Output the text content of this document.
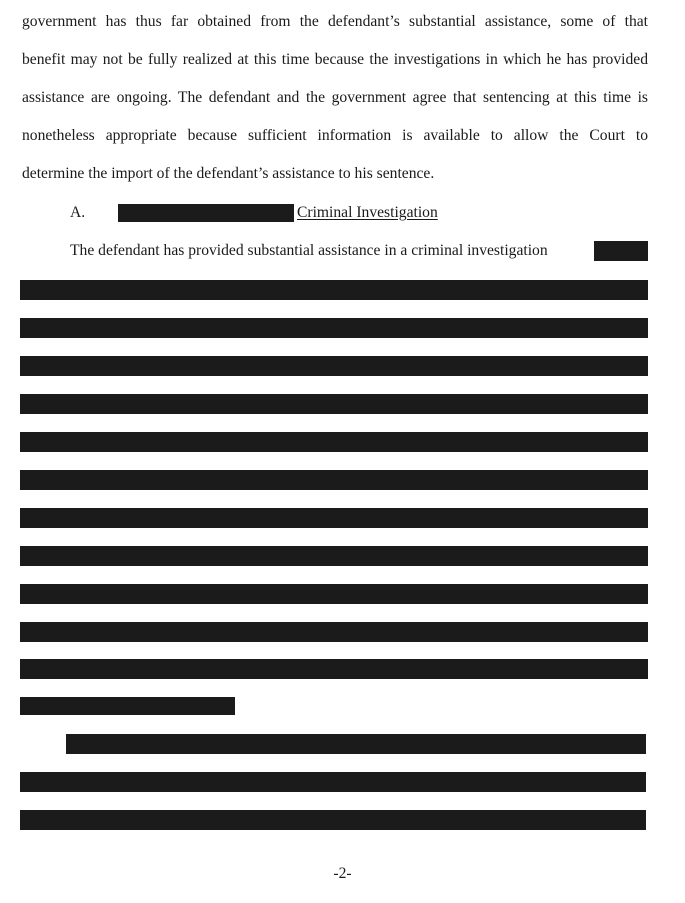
government has thus far obtained from the defendant’s substantial assistance, some of that
benefit may not be fully realized at this time because the investigations in which he has provided
assistance are ongoing. The defendant and the government agree that sentencing at this time is
nonetheless appropriate because sufficient information is available to allow the Court to
determine the import of the defendant’s assistance to his sentence.
A.	Criminal Investigation
The defendant has provided substantial assistance in a criminal investigation
-2-
